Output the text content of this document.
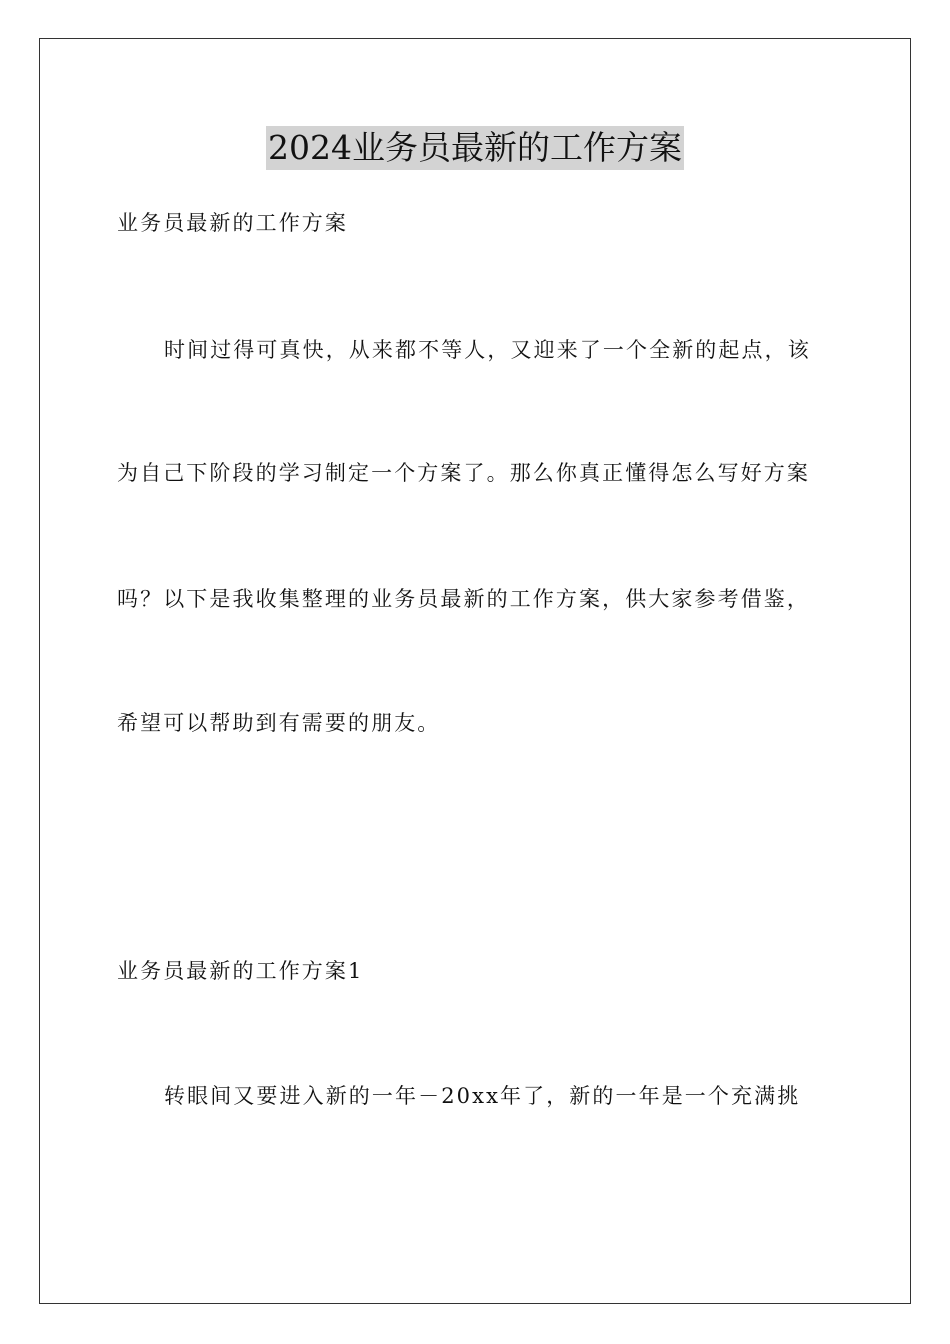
2024业务员最新的工作方案

业务员最新的工作方案

时间过得可真快，从来都不等人，又迎来了一个全新的起点，该

为自己下阶段的学习制定一个方案了。那么你真正懂得怎么写好方案

吗？以下是我收集整理的业务员最新的工作方案，供大家参考借鉴，

希望可以帮助到有需要的朋友。

业务员最新的工作方案1

转眼间又要进入新的一年－20xx年了，新的一年是一个充满挑
